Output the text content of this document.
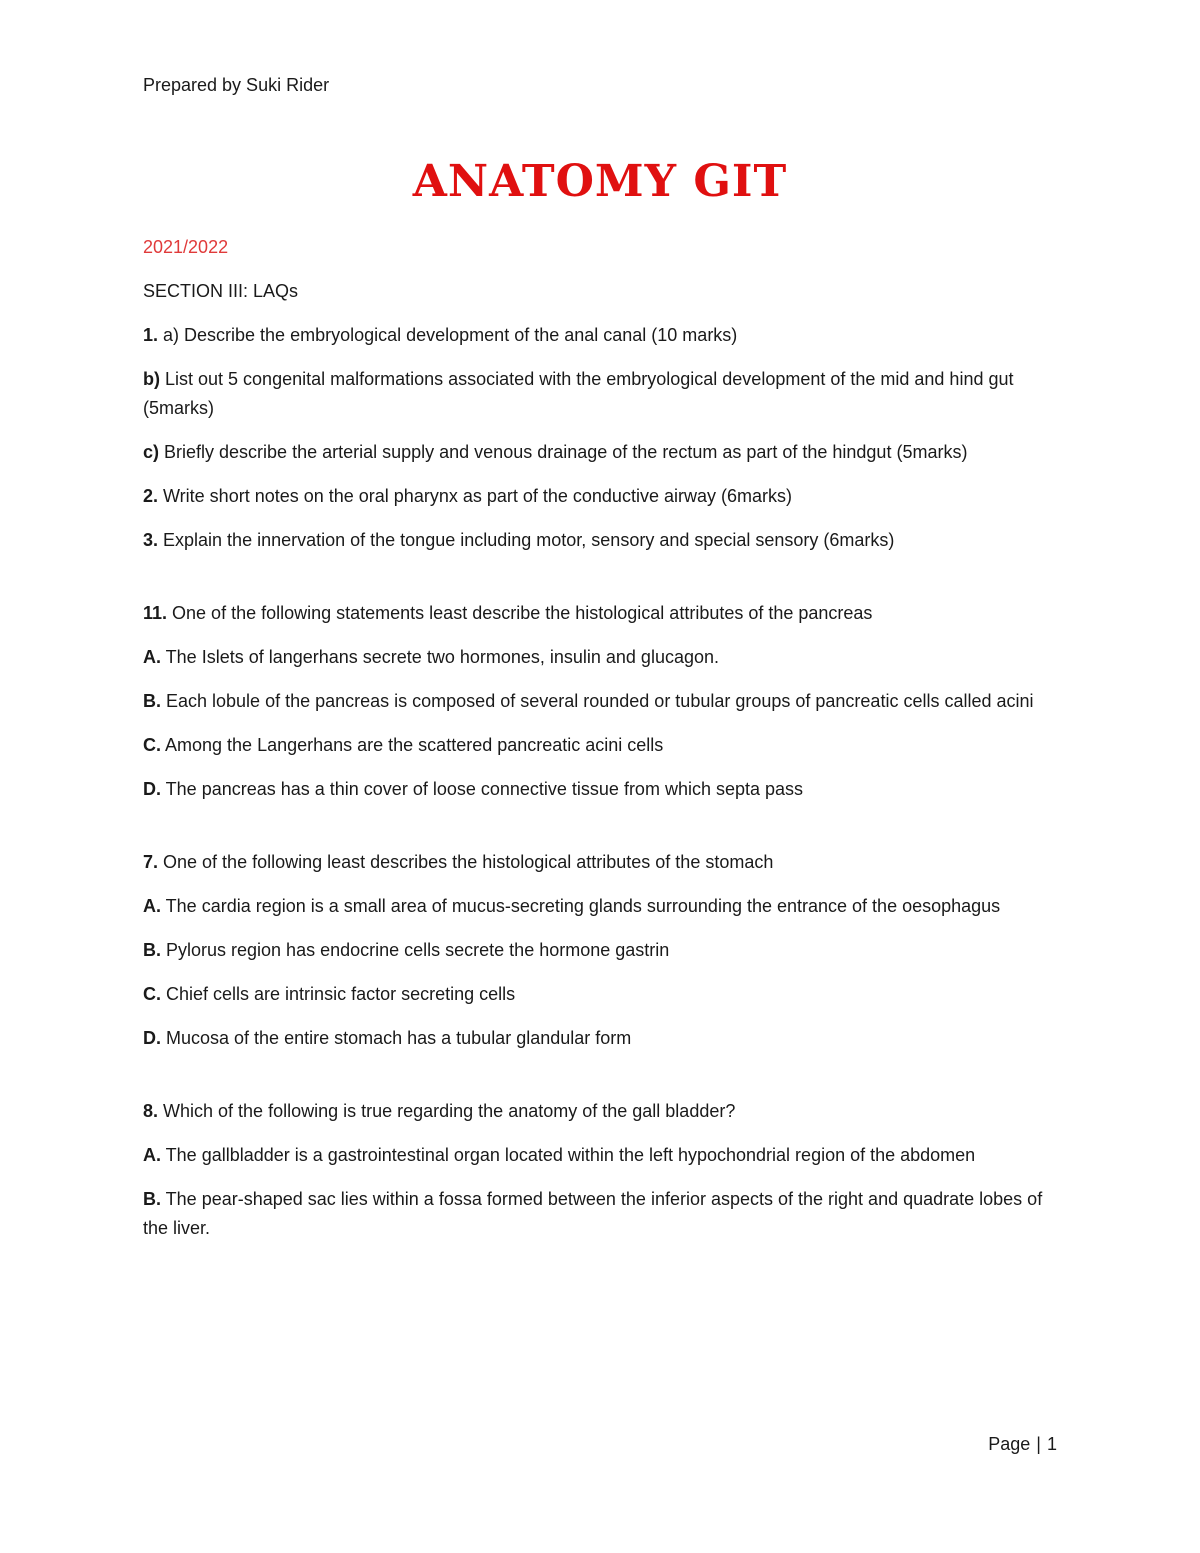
Prepared by Suki Rider
ANATOMY GIT

2021/2022

SECTION III: LAQs

1. a) Describe the embryological development of the anal canal (10 marks)

b) List out 5 congenital malformations associated with the embryological development of the mid and hind gut (5marks)

c) Briefly describe the arterial supply and venous drainage of the rectum as part of the hindgut (5marks)

2. Write short notes on the oral pharynx as part of the conductive airway (6marks)

3. Explain the innervation of the tongue including motor, sensory and special sensory (6marks)

11. One of the following statements least describe the histological attributes of the pancreas

A. The Islets of langerhans secrete two hormones, insulin and glucagon.

B. Each lobule of the pancreas is composed of several rounded or tubular groups of pancreatic cells called acini

C. Among the Langerhans are the scattered pancreatic acini cells

D. The pancreas has a thin cover of loose connective tissue from which septa pass

7. One of the following least describes the histological attributes of the stomach

A. The cardia region is a small area of mucus-secreting glands surrounding the entrance of the oesophagus

B. Pylorus region has endocrine cells secrete the hormone gastrin

C. Chief cells are intrinsic factor secreting cells

D. Mucosa of the entire stomach has a tubular glandular form

8. Which of the following is true regarding the anatomy of the gall bladder?

A. The gallbladder is a gastrointestinal organ located within the left hypochondrial region of the abdomen

B. The pear-shaped sac lies within a fossa formed between the inferior aspects of the right and quadrate lobes of the liver.

Page | 1
